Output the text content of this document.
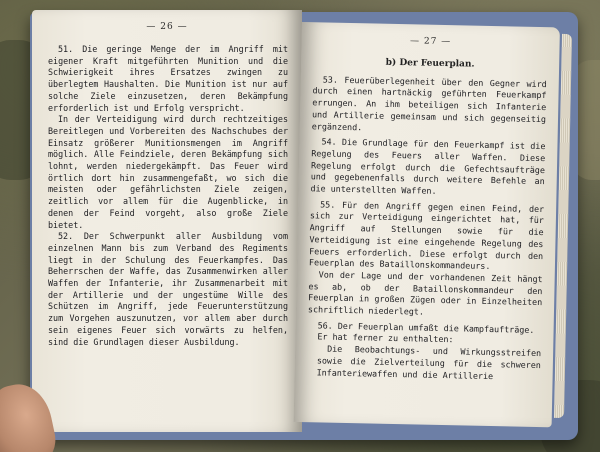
— 26 —

51. Die geringe Menge der im Angriff mit eigener Kraft mitgeführten Munition und die Schwierigkeit ihres Ersatzes zwingen zu überlegtem Haushalten. Die Munition ist nur auf solche Ziele einzusetzen, deren Bekämpfung erforderlich ist und Erfolg verspricht.

In der Verteidigung wird durch rechtzeitiges Bereitlegen und Vorbereiten des Nachschubes der Einsatz größerer Munitionsmengen im Angriff möglich. Alle Feindziele, deren Bekämpfung sich lohnt, werden niedergekämpft. Das Feuer wird örtlich dort hin zusammengefaßt, wo sich die meisten oder gefährlichsten Ziele zeigen, zeitlich vor allem für die Augenblicke, in denen der Feind vorgeht, also große Ziele bietet.

52. Der Schwerpunkt aller Ausbildung vom einzelnen Mann bis zum Verband des Regiments liegt in der Schulung des Feuerkampfes. Das Beherrschen der Waffe, das Zusammenwirken aller Waffen der Infanterie, ihr Zusammenarbeit mit der Artillerie und der ungestüme Wille des Schützen im Angriff, jede Feuerunterstützung zum Vorgehen auszunutzen, vor allem aber durch sein eigenes Feuer sich vorwärts zu helfen, sind die Grundlagen dieser Ausbildung.

— 27 —
b) Der Feuerplan.

53. Feuerüberlegenheit über den Gegner wird durch einen hartnäckig geführten Feuerkampf errungen. An ihm beteiligen sich Infanterie und Artillerie gemeinsam und sich gegenseitig ergänzend.

54. Die Grundlage für den Feuerkampf ist die Regelung des Feuers aller Waffen. Diese Regelung erfolgt durch die Gefechtsaufträge und gegebenenfalls durch weitere Befehle an die unterstellten Waffen.

55. Für den Angriff gegen einen Feind, der sich zur Verteidigung eingerichtet hat, für Angriff auf Stellungen sowie für die Verteidigung ist eine eingehende Regelung des Feuers erforderlich. Diese erfolgt durch den Feuerplan des Bataillonskommandeurs.

Von der Lage und der vorhandenen Zeit hängt es ab, ob der Bataillonskommandeur den Feuerplan in großen Zügen oder in Einzelheiten schriftlich niederlegt.

56. Der Feuerplan umfaßt die Kampfaufträge.

Er hat ferner zu enthalten:

Die Beobachtungs- und Wirkungsstreifen sowie die Zielverteilung für die schweren Infanteriewaffen und die Artillerie
